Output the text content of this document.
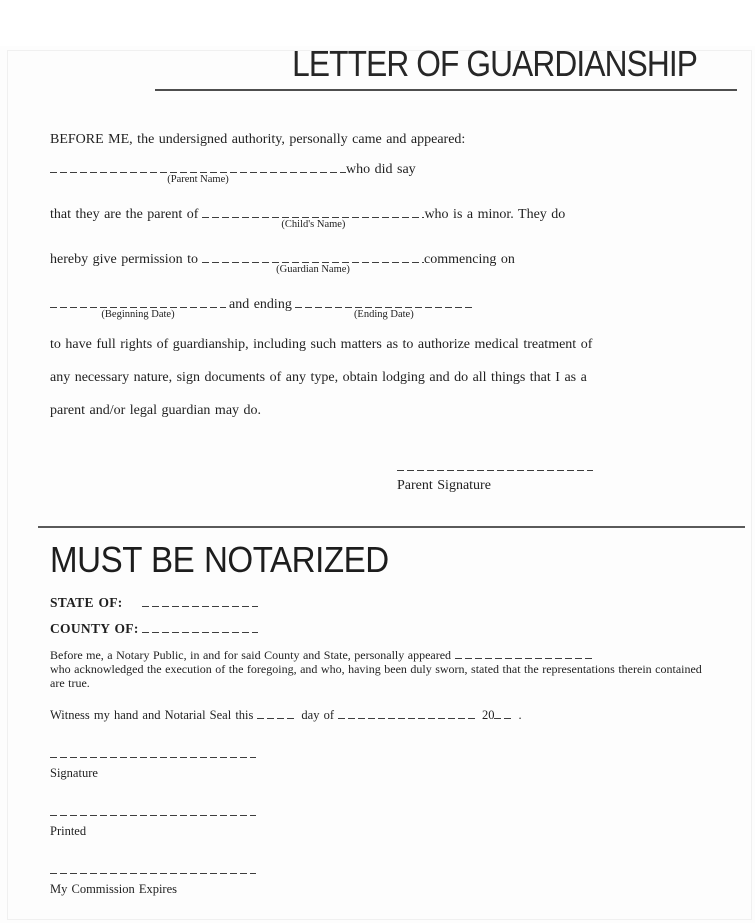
LETTER OF GUARDIANSHIP

BEFORE ME, the undersigned authority, personally came and appeared:

(Parent Name)
who did say
that they are the parent of
(Child's Name)
who is a minor. They do
hereby give permission to
(Guardian Name)
commencing on
(Beginning Date)
and ending
(Ending Date)

to have full rights of guardianship, including such matters as to authorize medical treatment of
any necessary nature, sign documents of any type, obtain lodging and do all things that I as a
parent and/or legal guardian may do.

Parent Signature

MUST BE NOTARIZED
STATE OF:
COUNTY OF:

Before me, a Notary Public, in and for said County and State, personally appeared
who acknowledged the execution of the foregoing, and who, having been duly sworn, stated that the representations therein contained
are true.

Witness my hand and Notarial Seal this	day of	20 .

Signature

Printed

My Commission Expires
